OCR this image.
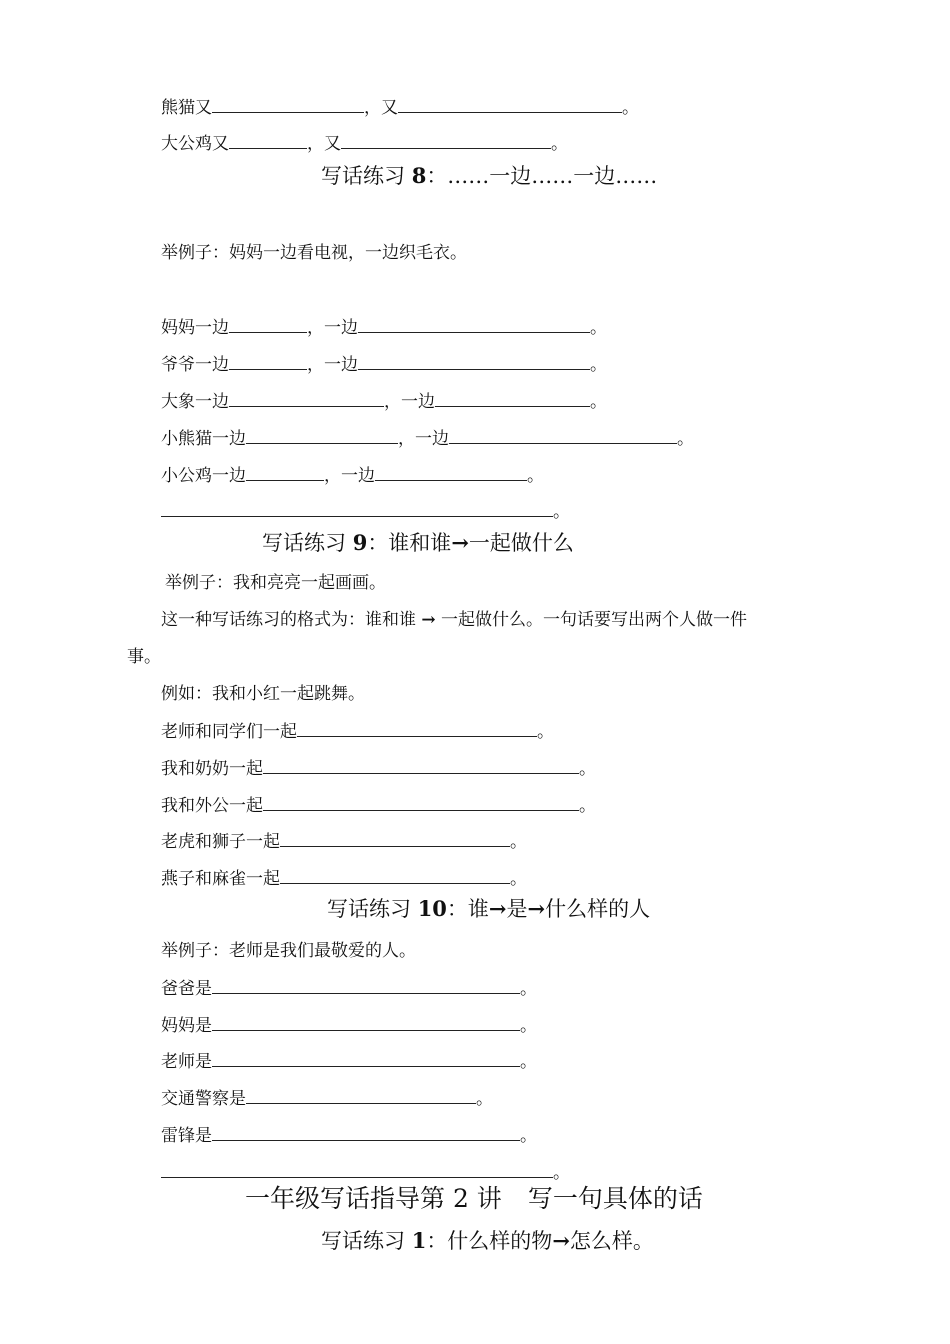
熊猫又	，又	。
大公鸡又	，又	。
写话练习 8：……一边……一边……
举例子：妈妈一边看电视，一边织毛衣。
妈妈一边	，一边	。
爷爷一边	，一边	。
大象一边	，一边	。
小熊猫一边	，一边	。
小公鸡一边	，一边	。
。
写话练习 9：谁和谁→一起做什么
举例子：我和亮亮一起画画。
这一种写话练习的格式为：谁和谁 → 一起做什么。一句话要写出两个人做一件
事。
例如：我和小红一起跳舞。
老师和同学们一起	。
我和奶奶一起	。
我和外公一起	。
老虎和狮子一起	。
燕子和麻雀一起	。
写话练习 10：谁→是→什么样的人
举例子：老师是我们最敬爱的人。
爸爸是	。
妈妈是	。
老师是	。
交通警察是	。
雷锋是	。
。
一年级写话指导第 2 讲 写一句具体的话
写话练习 1：什么样的物→怎么样。
